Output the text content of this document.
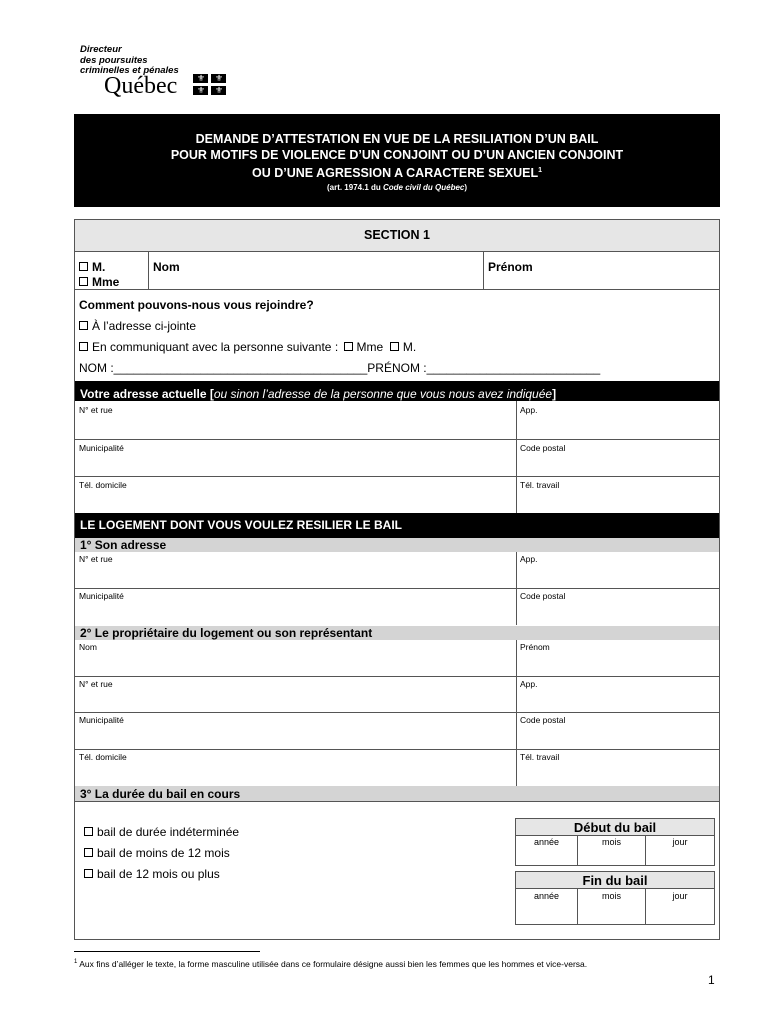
Directeur
des poursuites
criminelles et pénales
Québec ⚜ ⚜
⚜ ⚜
DEMANDE D’ATTESTATION EN VUE DE LA RESILIATION D’UN BAIL
POUR MOTIFS DE VIOLENCE D’UN CONJOINT OU D’UN ANCIEN CONJOINT
OU D’UNE AGRESSION A CARACTERE SEXUEL$^1$
(art. 1974.1 du Code civil du Québec)
SECTION 1
M.
Mme
Nom	Prénom
Comment pouvons-nous vous rejoindre?
À l’adresse ci-jointe
En communiquant avec la personne suivante : Mme M.
NOM :______________________________________PRÉNOM :__________________________
Votre adresse actuelle [ou sinon l’adresse de la personne que vous nous avez indiquée]
N° et rue	App.
Municipalité	Code postal
Tél. domicile	Tél. travail
LE LOGEMENT DONT VOUS VOULEZ RESILIER LE BAIL
1° Son adresse
N° et rue	App.
Municipalité	Code postal
2° Le propriétaire du logement ou son représentant
Nom	Prénom
N° et rue	App.
Municipalité	Code postal
Tél. domicile	Tél. travail
3° La durée du bail en cours
bail de durée indéterminée
bail de moins de 12 mois
bail de 12 mois ou plus
Début du bail
année	mois	jour
Fin du bail
année	mois	jour
$^1$ Aux fins d’alléger le texte, la forme masculine utilisée dans ce formulaire désigne aussi bien les femmes que les hommes et vice-versa.
1
